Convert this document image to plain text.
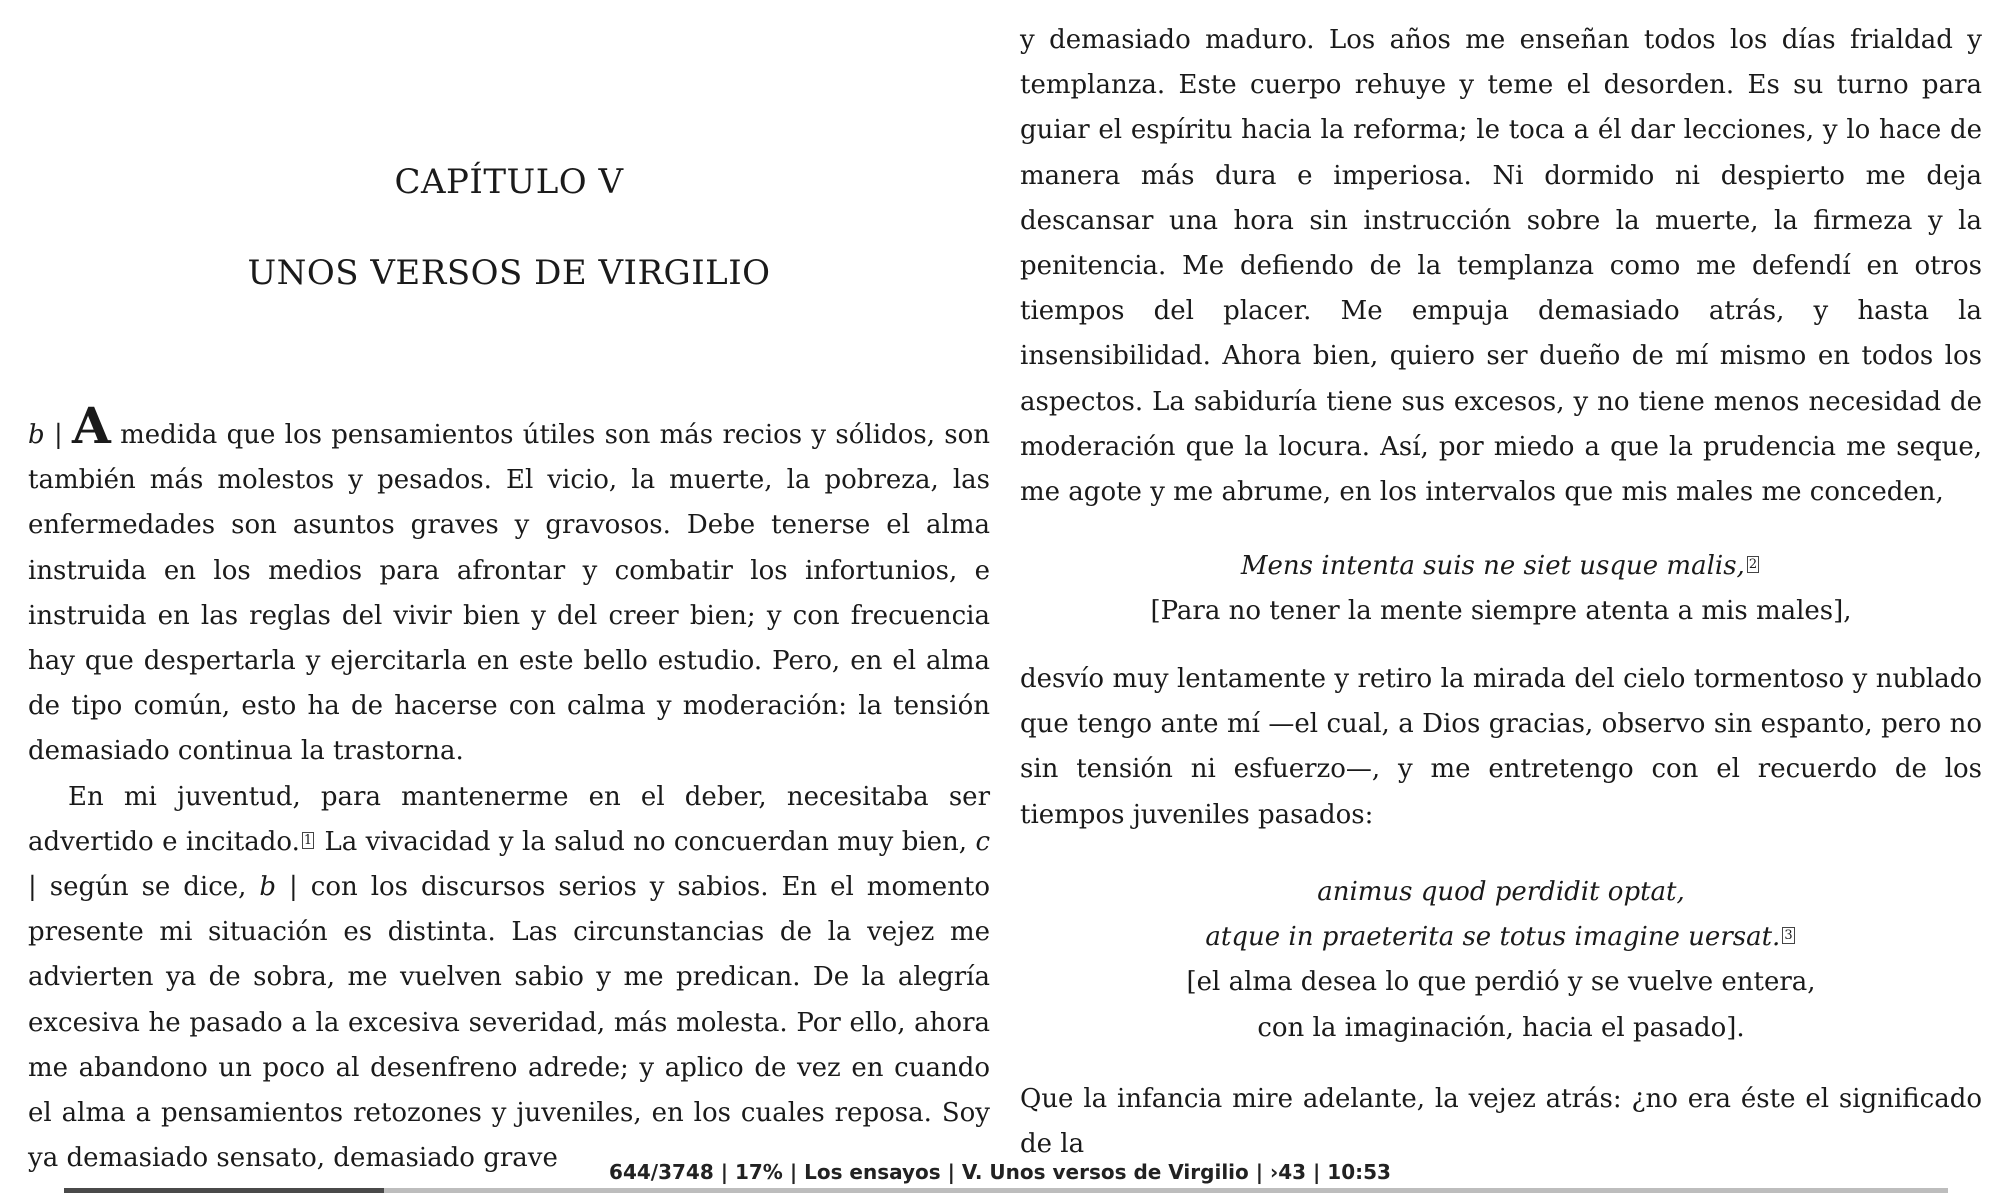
CAPÍTULO V
UNOS VERSOS DE VIRGILIO

b | A medida que los pensamientos útiles son más recios y sólidos, son también más molestos y pesados. El vicio, la muerte, la pobreza, las enfermedades son asuntos graves y gravosos. Debe tenerse el alma instruida en los medios para afrontar y combatir los infortunios, e instruida en las reglas del vivir bien y del creer bien; y con frecuencia hay que despertarla y ejercitarla en este bello estudio. Pero, en el alma de tipo común, esto ha de hacerse con calma y moderación: la tensión demasiado continua la trastorna.

En mi juventud, para mantenerme en el deber, necesitaba ser advertido e incitado. $^1$ La vivacidad y la salud no concuerdan muy bien, c | según se dice, b | con los discursos serios y sabios. En el momento presente mi situación es distinta. Las circunstancias de la vejez me advierten ya de sobra, me vuelven sabio y me predican. De la alegría excesiva he pasado a la excesiva severidad, más molesta. Por ello, ahora me abandono un poco al desenfreno adrede; y aplico de vez en cuando el alma a pensamientos retozones y juveniles, en los cuales reposa. Soy ya demasiado sensato, demasiado grave

y demasiado maduro. Los años me enseñan todos los días frialdad y templanza. Este cuerpo rehuye y teme el desorden. Es su turno para guiar el espíritu hacia la reforma; le toca a él dar lecciones, y lo hace de manera más dura e imperiosa. Ni dormido ni despierto me deja descansar una hora sin instrucción sobre la muerte, la firmeza y la penitencia. Me defiendo de la templanza como me defendí en otros tiempos del placer. Me empuja demasiado atrás, y hasta la insensibilidad. Ahora bien, quiero ser dueño de mí mismo en todos los aspectos. La sabiduría tiene sus excesos, y no tiene menos necesidad de moderación que la locura. Así, por miedo a que la prudencia me seque, me agote y me abrume, en los intervalos que mis males me conceden,

Mens intenta suis ne siet usque malis, $^2$
[Para no tener la mente siempre atenta a mis males],

desvío muy lentamente y retiro la mirada del cielo tormentoso y nublado que tengo ante mí —el cual, a Dios gracias, observo sin espanto, pero no sin tensión ni esfuerzo—, y me entretengo con el recuerdo de los tiempos juveniles pasados:

animus quod perdidit optat,
atque in praeterita se totus imagine uersat. $^3$
[el alma desea lo que perdió y se vuelve entera,
con la imaginación, hacia el pasado].

Que la infancia mire adelante, la vejez atrás: ¿no era éste el significado de la

644/3748 | 17% | Los ensayos | V. Unos versos de Virgilio | ›43 | 10:53
